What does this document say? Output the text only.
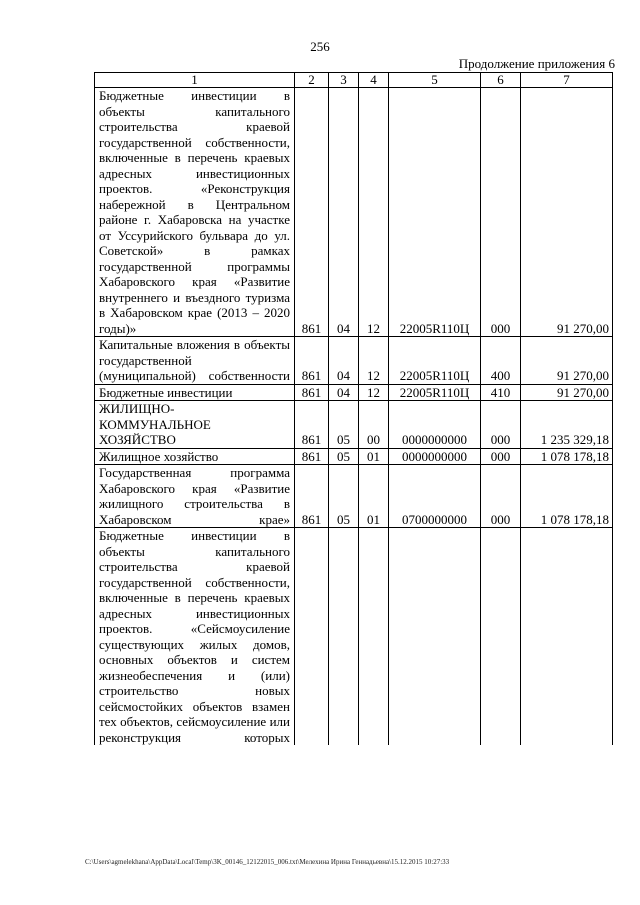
256
Продолжение приложения 6
1	2	3	4	5	6	7
Бюджетные инвестиции в объекты капитального строительства краевой государственной собственности, включенные в перечень краевых адресных инвестиционных проектов. «Реконструкция набережной в Центральном районе г. Хабаровска на участке от Уссурийского бульвара до ул. Советской» в рамках государственной программы Хабаровского края «Развитие внутреннего и въездного туризма в Хабаровском крае (2013 – 2020 годы)»	861	04	12	22005R110Ц	000	91 270,00
Капитальные вложения в объекты государственной (муниципальной) собственности	861	04	12	22005R110Ц	400	91 270,00
Бюджетные инвестиции	861	04	12	22005R110Ц	410	91 270,00
ЖИЛИЩНО-КОММУНАЛЬНОЕ ХОЗЯЙСТВО	861	05	00	0000000000	000	1 235 329,18
Жилищное хозяйство	861	05	01	0000000000	000	1 078 178,18
Государственная программа Хабаровского края «Развитие жилищного строительства в Хабаровском крае»	861	05	01	0700000000	000	1 078 178,18
Бюджетные инвестиции в объекты капитального строительства краевой государственной собственности, включенные в перечень краевых адресных инвестиционных проектов. «Сейсмоусиление существующих жилых домов, основных объектов и систем жизнеобеспечения и (или) строительство новых сейсмостойких объектов взамен тех объектов, сейсмоусиление или реконструкция которых						
C:\Users\agmelekhana\AppData\Local\Temp\3K_00146_12122015_006.txt\Мелехина Ирина Геннадьевна\15.12.2015 10:27:33
